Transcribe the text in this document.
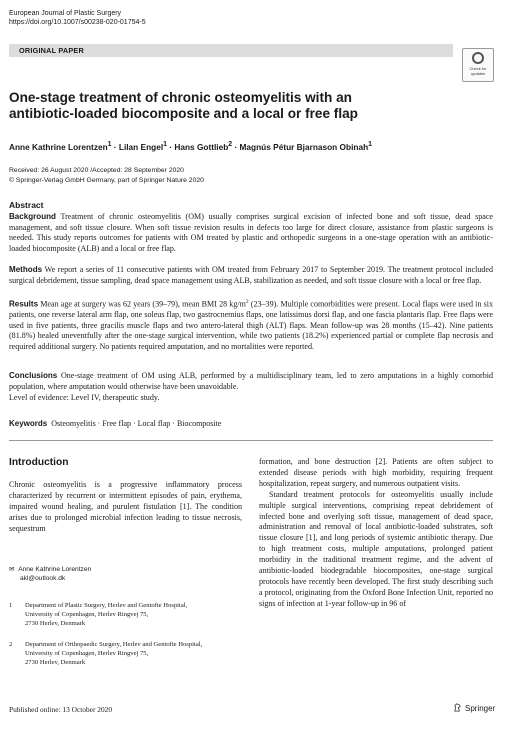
European Journal of Plastic Surgery
https://doi.org/10.1007/s00238-020-01754-5
ORIGINAL PAPER
Check for
updates
One-stage treatment of chronic osteomyelitis with an antibiotic-loaded biocomposite and a local or free flap
Anne Kathrine Lorentzen$^1$ · Lilan Engel$^1$ · Hans Gottlieb$^2$ · Magnús Pétur Bjarnason Obinah$^1$
Received: 26 August 2020 /Accepted: 28 September 2020
© Springer-Verlag GmbH Germany, part of Springer Nature 2020
Abstract
Background Treatment of chronic osteomyelitis (OM) usually comprises surgical excision of infected bone and soft tissue, dead space management, and soft tissue closure. When soft tissue revision results in defects too large for direct closure, assistance from plastic surgeons is needed. This study reports outcomes for patients with OM treated by plastic and orthopedic surgeons in a one-stage operation with an antibiotic-loaded biocomposite (ALB) and a local or free flap.
Methods We report a series of 11 consecutive patients with OM treated from February 2017 to September 2019. The treatment protocol included surgical debridement, tissue sampling, dead space management using ALB, stabilization as needed, and soft tissue closure with a local or free flap.
Results Mean age at surgery was 62 years (39–79), mean BMI 28 $kg/m^2$ (23–39). Multiple comorbidities were present. Local flaps were used in six patients, one reverse lateral arm flap, one soleus flap, two gastrocnemius flaps, one latissimus dorsi flap, and one fascia plantaris flap. Free flaps were used in five patients, three gracilis muscle flaps and two antero-lateral thigh (ALT) flaps. Mean follow-up was 28 months (15–42). Nine patients (81.8%) healed uneventfully after the one-stage surgical intervention, while two patients (18.2%) experienced partial or complete flap necrosis and required additional surgery. No patients required amputation, and no mortalities were reported.
Conclusions One-stage treatment of OM using ALB, performed by a multidisciplinary team, led to zero amputations in a highly comorbid population, where amputation would otherwise have been unavoidable.
Level of evidence: Level IV, therapeutic study.
Keywords Osteomyelitis · Free flap · Local flap · Biocomposite
Introduction
Chronic osteomyelitis is a progressive inflammatory process characterized by recurrent or intermittent episodes of pain, erythema, impaired wound healing, and purulent fistulation [1]. The condition arises due to prolonged microbial infection leading to tissue necrosis, sequestrum
formation, and bone destruction [2]. Patients are often subject to extended disease periods with high morbidity, requiring frequent hospitalization, repeat surgery, and numerous outpatient visits.
Standard treatment protocols for osteomyelitis usually include multiple surgical interventions, comprising repeat debridement of infected bone and overlying soft tissue, management of dead space, administration and removal of local antibiotic-loaded substrates, soft tissue closure [1], and long periods of systemic antibiotic therapy. Due to high treatment costs, multiple amputations, prolonged patient morbidity in the traditional treatment regime, and the advent of antibiotic-loaded biodegradable biocomposites, one-stage surgical protocols have recently been developed. The first study describing such a protocol, originating from the Oxford Bone Infection Unit, reported no signs of infection at 1-year follow-up in 96 of
✉ Anne Kathrine Lorentzen
akl@outlook.dk
1 Department of Plastic Surgery, Herlev and Gentofte Hospital,
University of Copenhagen, Herlev Ringvej 75,
2730 Herlev, Denmark
2 Department of Orthopaedic Surgery, Herlev and Gentofte Hospital,
University of Copenhagen, Herlev Ringvej 75,
2730 Herlev, Denmark
Published online: 13 October 2020	Springer
